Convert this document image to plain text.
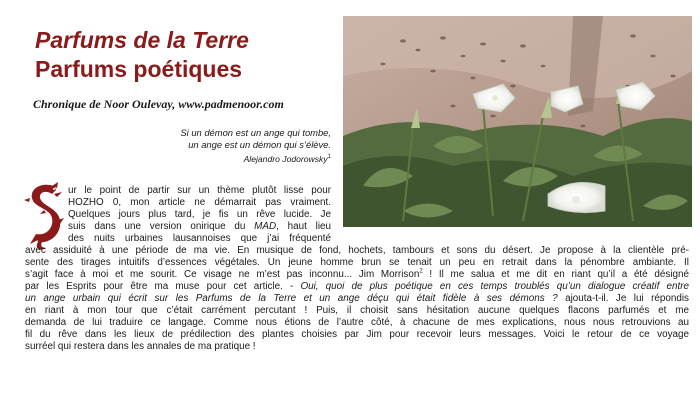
Parfums de la Terre
Parfums poétiques
Chronique de Noor Oulevay, www.padmenoor.com
Si un démon est un ange qui tombe,
un ange est un démon qui s’élève.
Alejandro Jodorowsky$^1$
ur le point de partir sur un thème plutôt lisse pour
HOZHO 0, mon article ne démarrait pas vraiment.
Quelques jours plus tard, je fis un rêve lucide. Je
suis dans une version onirique du MAD, haut lieu
des nuits urbaines lausannoises que j’ai fréquenté
avec assiduité à une période de ma vie. En musique de fond, hochets, tambours et sons du désert. Je propose à la clientèle pré-
sente des tirages intuitifs d’essences végétales. Un jeune homme brun se tenait un peu en retrait dans la pénombre ambiante. Il
s’agit face à moi et me sourit. Ce visage ne m’est pas inconnu... Jim Morrison$^2$ ! Il me salua et me dit en riant qu’il a été désigné
par les Esprits pour être ma muse pour cet article. - Oui, quoi de plus poétique en ces temps troublés qu’un dialogue créatif entre
un ange urbain qui écrit sur les Parfums de la Terre et un ange déçu qui était fidèle à ses démons ? ajouta-t-il. Je lui répondis
en riant à mon tour que c’était carrément percutant ! Puis, il choisit sans hésitation aucune quelques flacons parfumés et me
demanda de lui traduire ce langage. Comme nous étions de l’autre côté, à chacune de mes explications, nous nous retrouvions au
fil du rêve dans les lieux de prédilection des plantes choisies par Jim pour recevoir leurs messages. Voici le retour de ce voyage
surréel qui restera dans les annales de ma pratique !
